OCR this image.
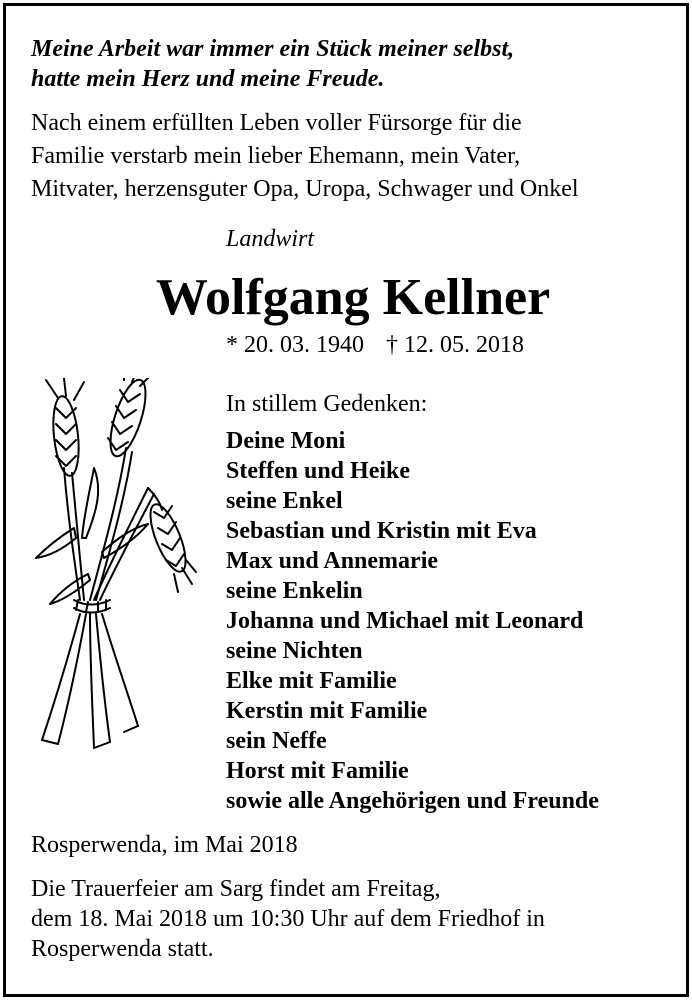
Meine Arbeit war immer ein Stück meiner selbst,
hatte mein Herz und meine Freude.

Nach einem erfüllten Leben voller Fürsorge für die
Familie verstarb mein lieber Ehemann, mein Vater,
Mitvater, herzensguter Opa, Uropa, Schwager und Onkel

Landwirt

Wolfgang Kellner

* 20. 03. 1940 † 12. 05. 2018

In stillem Gedenken:

Deine Moni
Steffen und Heike
seine Enkel
Sebastian und Kristin mit Eva
Max und Annemarie
seine Enkelin
Johanna und Michael mit Leonard
seine Nichten
Elke mit Familie
Kerstin mit Familie
sein Neffe
Horst mit Familie
sowie alle Angehörigen und Freunde

Rosperwenda, im Mai 2018

Die Trauerfeier am Sarg findet am Freitag,
dem 18. Mai 2018 um 10:30 Uhr auf dem Friedhof in
Rosperwenda statt.
